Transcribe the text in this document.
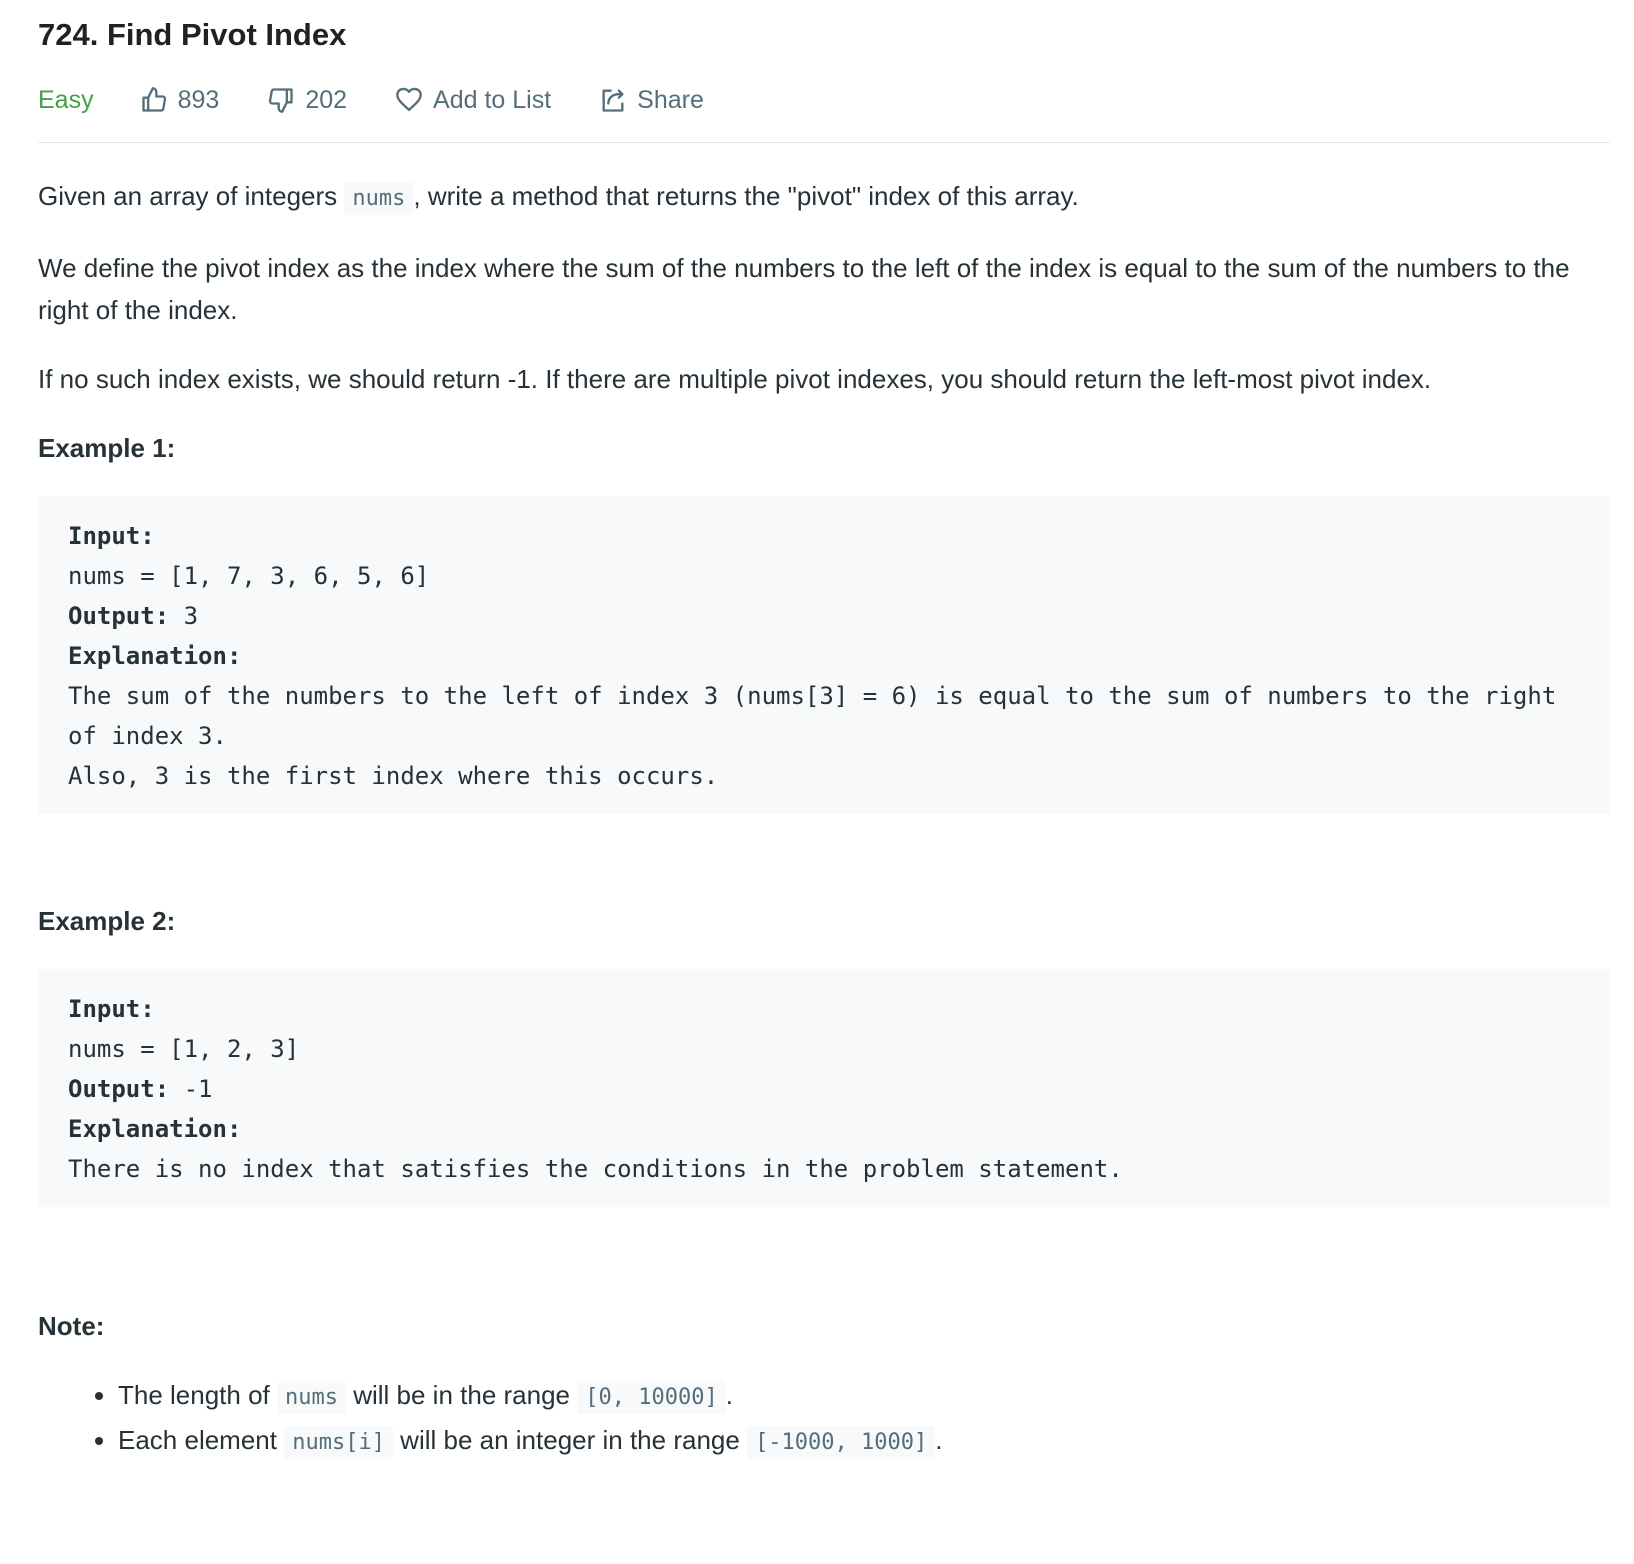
724. Find Pivot Index
Easy	893	202	Add to List	Share

Given an array of integers nums , write a method that returns the "pivot" index of this array.

We define the pivot index as the index where the sum of the numbers to the left of the index is equal to the sum of the numbers to the right of the index.

If no such index exists, we should return -1. If there are multiple pivot indexes, you should return the left-most pivot index.

Example 1:

Input:
nums = [1, 7, 3, 6, 5, 6]
Output: 3
Explanation:
The sum of the numbers to the left of index 3 (nums[3] = 6) is equal to the sum of numbers to the right of index 3.
Also, 3 is the first index where this occurs.

Example 2:

Input:
nums = [1, 2, 3]
Output: -1
Explanation:
There is no index that satisfies the conditions in the problem statement.

Note:

• The length of nums will be in the range [0, 10000] .
• Each element nums[i] will be an integer in the range [-1000, 1000] .
